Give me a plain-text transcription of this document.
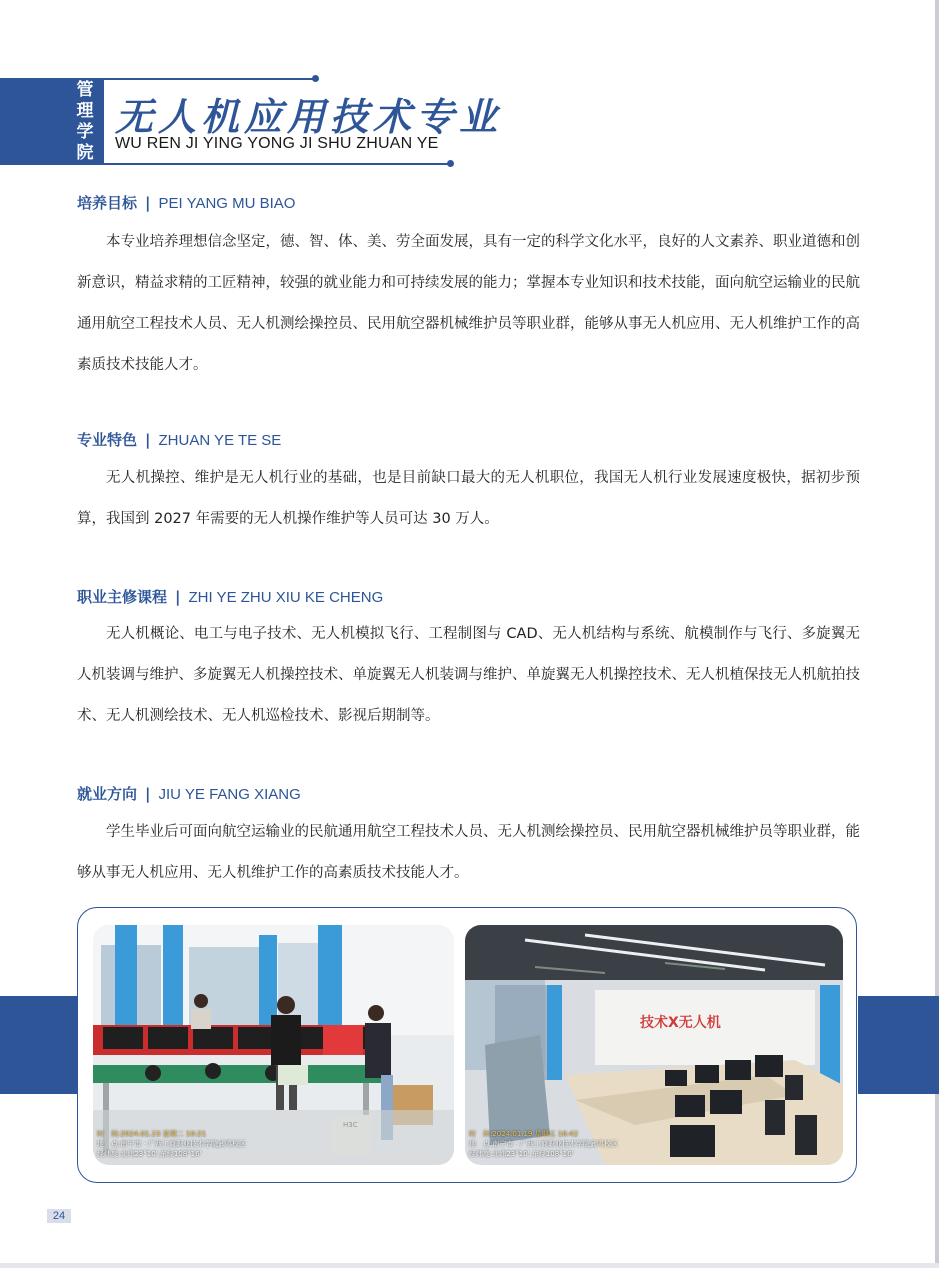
管理学院
无人机应用技术专业
WU REN JI YING YONG JI SHU ZHUAN YE
培养目标 | PEI YANG MU BIAO
本专业培养理想信念坚定，德、智、体、美、劳全面发展，具有一定的科学文化水平，良好的人文素养、职业道德和创新意识，精益求精的工匠精神，较强的就业能力和可持续发展的能力；掌握本专业知识和技术技能，面向航空运输业的民航通用航空工程技术人员、无人机测绘操控员、民用航空器机械维护员等职业群，能够从事无人机应用、无人机维护工作的高素质技术技能人才。
专业特色 | ZHUAN YE TE SE
无人机操控、维护是无人机行业的基础，也是目前缺口最大的无人机职位，我国无人机行业发展速度极快，据初步预算，我国到 2027 年需要的无人机操作维护等人员可达 30 万人。
职业主修课程 | ZHI YE ZHU XIU KE CHENG
无人机概论、电工与电子技术、无人机模拟飞行、工程制图与 CAD、无人机结构与系统、航模制作与飞行、多旋翼无人机装调与维护、多旋翼无人机操控技术、单旋翼无人机装调与维护、单旋翼无人机操控技术、无人机植保技无人机航拍技术、无人机测绘技术、无人机巡检技术、影视后期制等。
就业方向 | JIU YE FANG XIANG
学生毕业后可面向航空运输业的民航通用航空工程技术人员、无人机测绘操控员、民用航空器机械维护员等职业群，能够从事无人机应用、无人机维护工作的高素质技术技能人才。
时　间:2024.01.23 星期二 10:21
地　点:南宁市 · 广西工商职业技术学院武鸣校区
经纬度:北纬23°10',东经108°16'
技术X无人机
时　间:2024.01.19 星期五 16:42
地　点:南宁市 · 广西工商职业技术学院武鸣校区
经纬度:北纬23°10',东经108°16'
24
